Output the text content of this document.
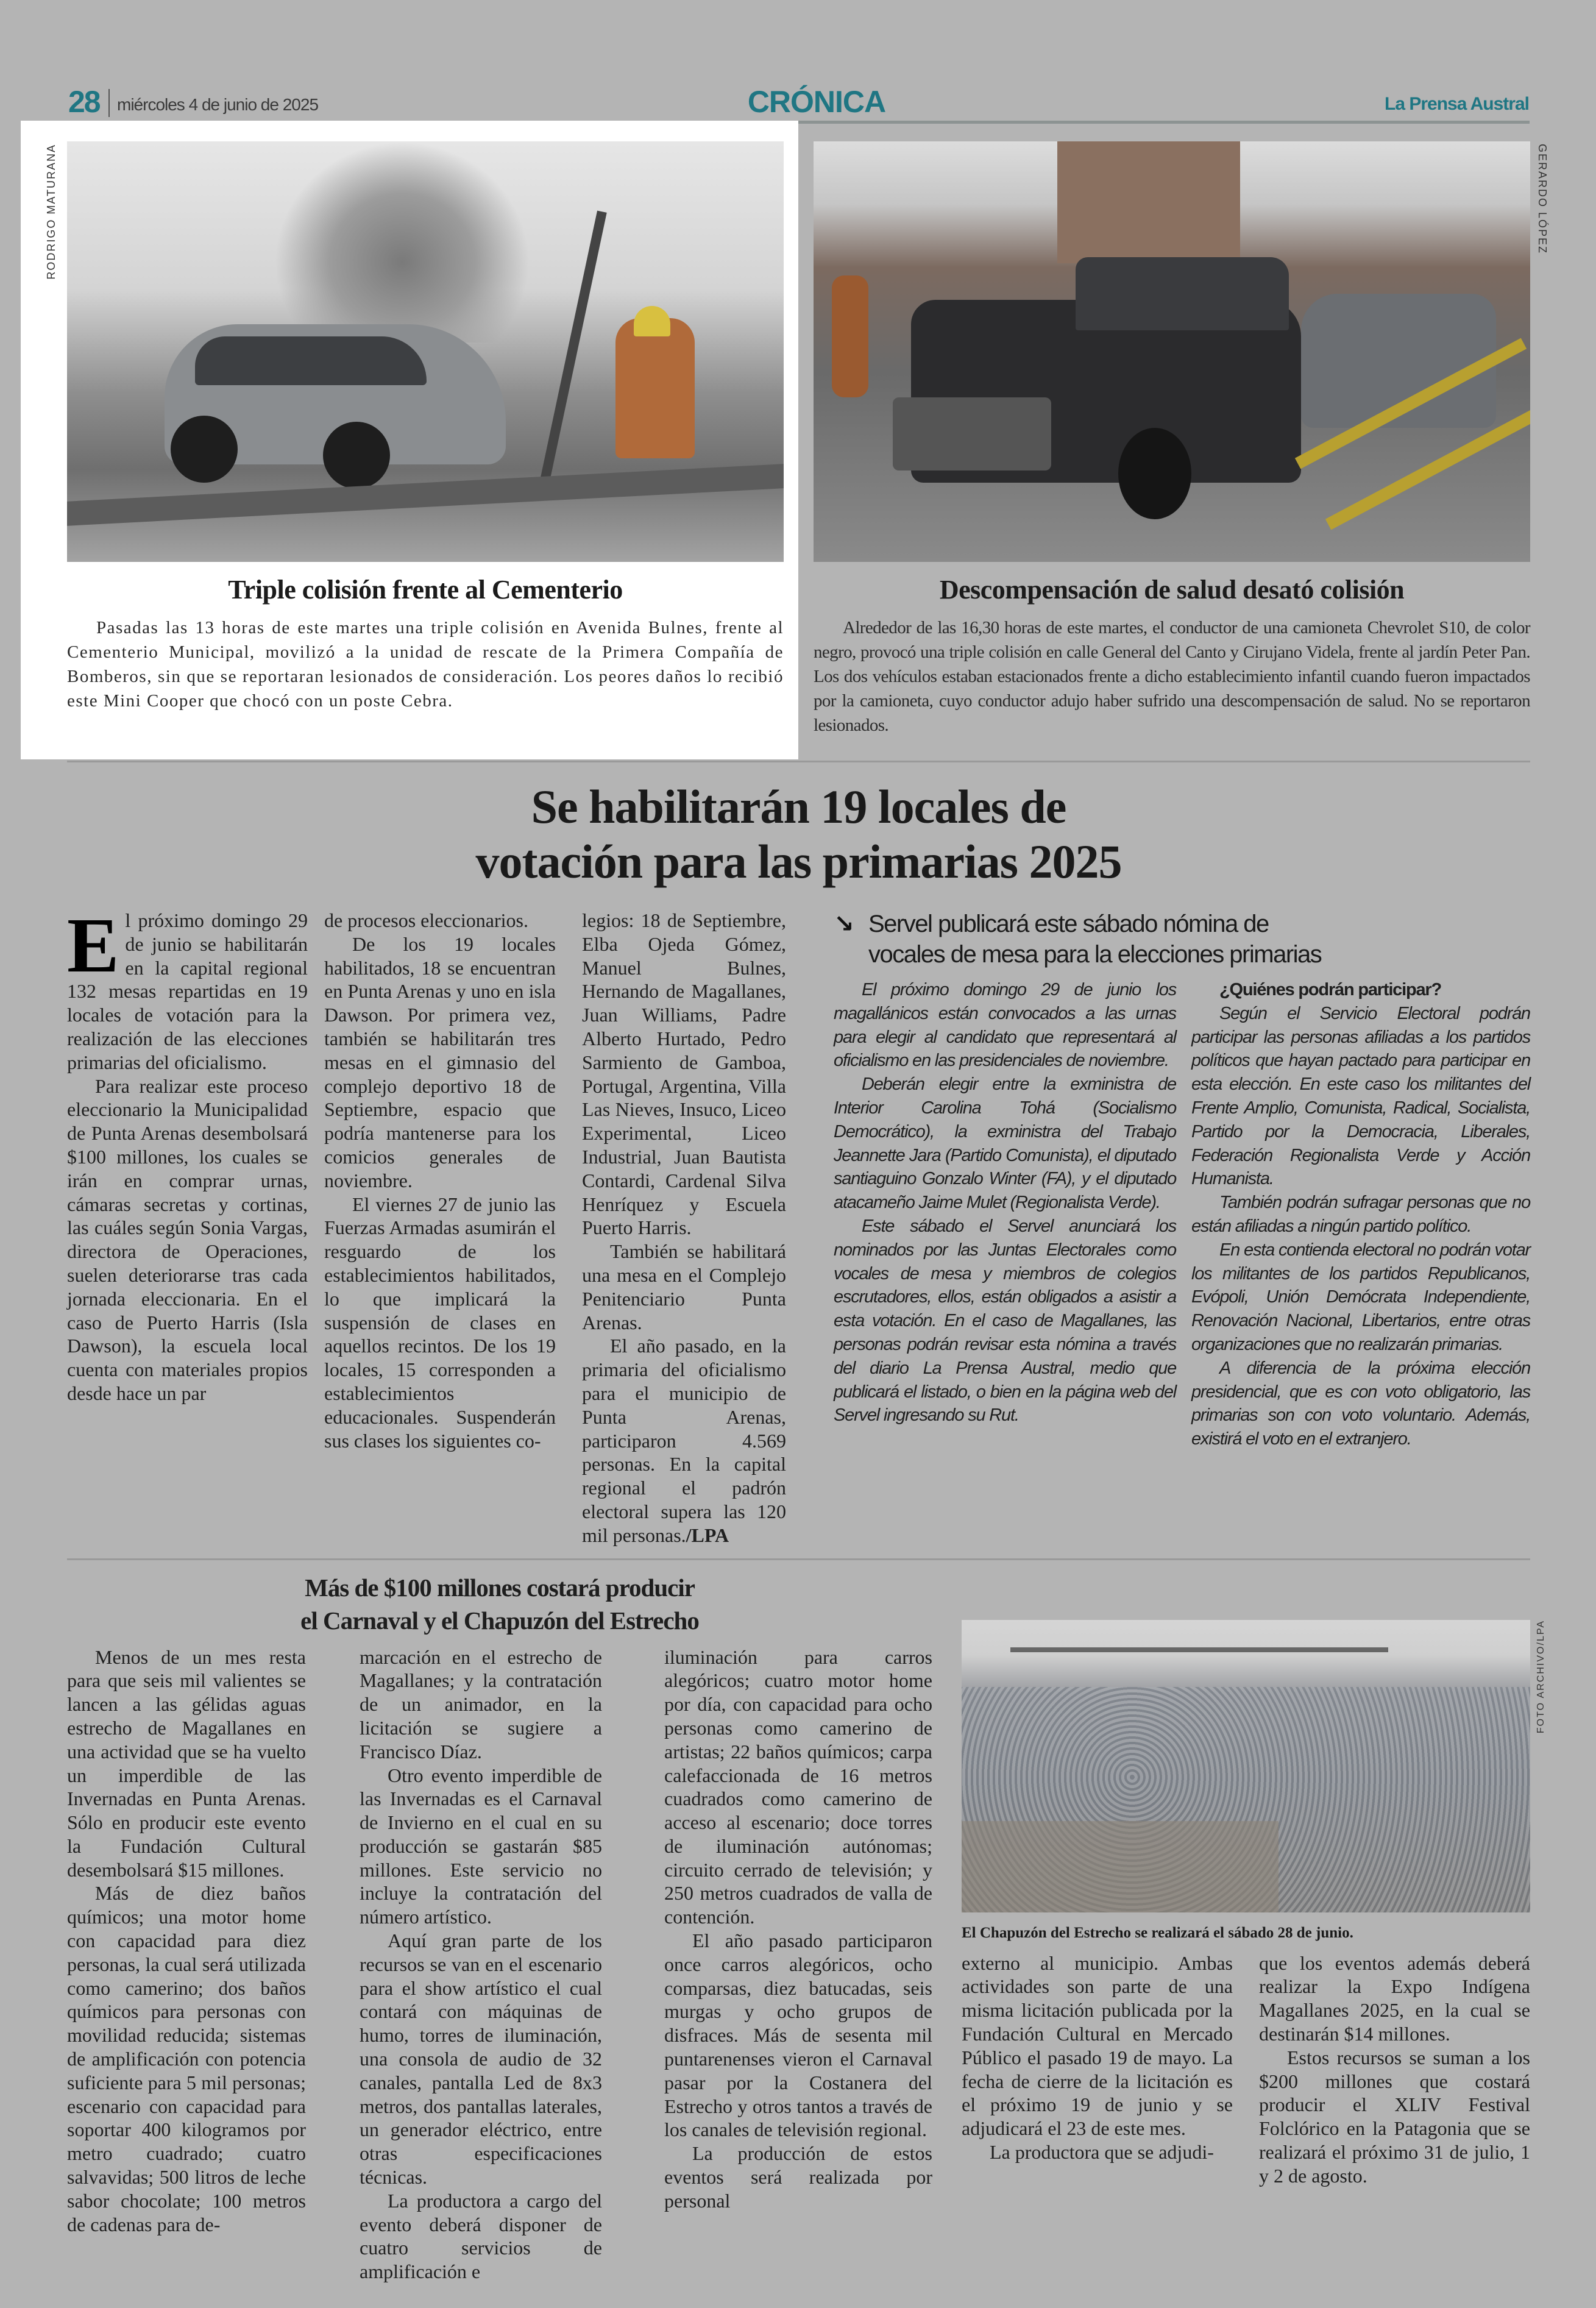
28 miércoles 4 de junio de 2025	CRÓNICA	La Prensa Austral
RODRIGO MATURANA
Triple colisión frente al Cementerio
Pasadas las 13 horas de este martes una triple colisión en Avenida Bulnes, frente al Cementerio Municipal, movilizó a la unidad de rescate de la Primera Compañía de Bomberos, sin que se reportaran lesionados de consideración. Los peores daños lo recibió este Mini Cooper que chocó con un poste Cebra.
GERARDO LÓPEZ
Descompensación de salud desató colisión
Alrededor de las 16,30 horas de este martes, el conductor de una camioneta Chevrolet S10, de color negro, provocó una triple colisión en calle General del Canto y Cirujano Videla, frente al jardín Peter Pan. Los dos vehículos estaban estacionados frente a dicho establecimiento infantil cuando fueron impactados por la camioneta, cuyo conductor adujo haber sufrido una descompensación de salud. No se reportaron lesionados.
Se habilitarán 19 locales de
votación para las primarias 2025

El próximo domingo 29 de junio se habilitarán en la capital regional 132 mesas repartidas en 19 locales de votación para la realización de las elecciones primarias del oficialismo.

Para realizar este proceso eleccionario la Municipalidad de Punta Arenas desembolsará $100 millones, los cuales se irán en comprar urnas, cámaras secretas y cortinas, las cuáles según Sonia Vargas, directora de Operaciones, suelen deteriorarse tras cada jornada eleccionaria. En el caso de Puerto Harris (Isla Dawson), la escuela local cuenta con materiales propios desde hace un par

de procesos eleccionarios.

De los 19 locales habilitados, 18 se encuentran en Punta Arenas y uno en isla Dawson. Por primera vez, también se habilitarán tres mesas en el gimnasio del complejo deportivo 18 de Septiembre, espacio que podría mantenerse para los comicios generales de noviembre.

El viernes 27 de junio las Fuerzas Armadas asumirán el resguardo de los establecimientos habilitados, lo que implicará la suspensión de clases en aquellos recintos. De los 19 locales, 15 corresponden a establecimientos educacionales. Suspenderán sus clases los siguientes co-

legios: 18 de Septiembre, Elba Ojeda Gómez, Manuel Bulnes, Hernando de Magallanes, Juan Williams, Padre Alberto Hurtado, Pedro Sarmiento de Gamboa, Portugal, Argentina, Villa Las Nieves, Insuco, Liceo Experimental, Liceo Industrial, Juan Bautista Contardi, Cardenal Silva Henríquez y Escuela Puerto Harris.

También se habilitará una mesa en el Complejo Penitenciario Punta Arenas.

El año pasado, en la primaria del oficialismo para el municipio de Punta Arenas, participaron 4.569 personas. En la capital regional el padrón electoral supera las 120 mil personas./LPA

↘ Servel publicará este sábado nómina de
vocales de mesa para la elecciones primarias

El próximo domingo 29 de junio los magallánicos están convocados a las urnas para elegir al candidato que representará al oficialismo en las presidenciales de noviembre.

Deberán elegir entre la exministra de Interior Carolina Tohá (Socialismo Democrático), la exministra del Trabajo Jeannette Jara (Partido Comunista), el diputado santiaguino Gonzalo Winter (FA), y el diputado atacameño Jaime Mulet (Regionalista Verde).

Este sábado el Servel anunciará los nominados por las Juntas Electorales como vocales de mesa y miembros de colegios escrutadores, ellos, están obligados a asistir a esta votación. En el caso de Magallanes, las personas podrán revisar esta nómina a través del diario La Prensa Austral, medio que publicará el listado, o bien en la página web del Servel ingresando su Rut.

¿Quiénes podrán participar?

Según el Servicio Electoral podrán participar las personas afiliadas a los partidos políticos que hayan pactado para participar en esta elección. En este caso los militantes del Frente Amplio, Comunista, Radical, Socialista, Partido por la Democracia, Liberales, Federación Regionalista Verde y Acción Humanista.

También podrán sufragar personas que no están afiliadas a ningún partido político.

En esta contienda electoral no podrán votar los militantes de los partidos Republicanos, Evópoli, Unión Demócrata Independiente, Renovación Nacional, Libertarios, entre otras organizaciones que no realizarán primarias.

A diferencia de la próxima elección presidencial, que es con voto obligatorio, las primarias son con voto voluntario. Además, existirá el voto en el extranjero.

Más de $100 millones costará producir
el Carnaval y el Chapuzón del Estrecho

Menos de un mes resta para que seis mil valientes se lancen a las gélidas aguas estrecho de Magallanes en una actividad que se ha vuelto un imperdible de las Invernadas en Punta Arenas. Sólo en producir este evento la Fundación Cultural desembolsará $15 millones.

Más de diez baños químicos; una motor home con capacidad para diez personas, la cual será utilizada como camerino; dos baños químicos para personas con movilidad reducida; sistemas de amplificación con potencia suficiente para 5 mil personas; escenario con capacidad para soportar 400 kilogramos por metro cuadrado; cuatro salvavidas; 500 litros de leche sabor chocolate; 100 metros de cadenas para de-

marcación en el estrecho de Magallanes; y la contratación de un animador, en la licitación se sugiere a Francisco Díaz.

Otro evento imperdible de las Invernadas es el Carnaval de Invierno en el cual en su producción se gastarán $85 millones. Este servicio no incluye la contratación del número artístico.

Aquí gran parte de los recursos se van en el escenario para el show artístico el cual contará con máquinas de humo, torres de iluminación, una consola de audio de 32 canales, pantalla Led de 8x3 metros, dos pantallas laterales, un generador eléctrico, entre otras especificaciones técnicas.

La productora a cargo del evento deberá disponer de cuatro servicios de amplificación e

iluminación para carros alegóricos; cuatro motor home por día, con capacidad para ocho personas como camerino de artistas; 22 baños químicos; carpa calefaccionada de 16 metros cuadrados como camerino de acceso al escenario; doce torres de iluminación autónomas; circuito cerrado de televisión; y 250 metros cuadrados de valla de contención.

El año pasado participaron once carros alegóricos, ocho comparsas, diez batucadas, seis murgas y ocho grupos de disfraces. Más de sesenta mil puntarenenses vieron el Carnaval pasar por la Costanera del Estrecho y otros tantos a través de los canales de televisión regional.

La producción de estos eventos será realizada por personal

FOTO ARCHIVO/LPA
El Chapuzón del Estrecho se realizará el sábado 28 de junio.

externo al municipio. Ambas actividades son parte de una misma licitación publicada por la Fundación Cultural en Mercado Público el pasado 19 de mayo. La fecha de cierre de la licitación es el próximo 19 de junio y se adjudicará el 23 de este mes.

La productora que se adjudi-

que los eventos además deberá realizar la Expo Indígena Magallanes 2025, en la cual se destinarán $14 millones.

Estos recursos se suman a los $200 millones que costará producir el XLIV Festival Folclórico en la Patagonia que se realizará el próximo 31 de julio, 1 y 2 de agosto.
